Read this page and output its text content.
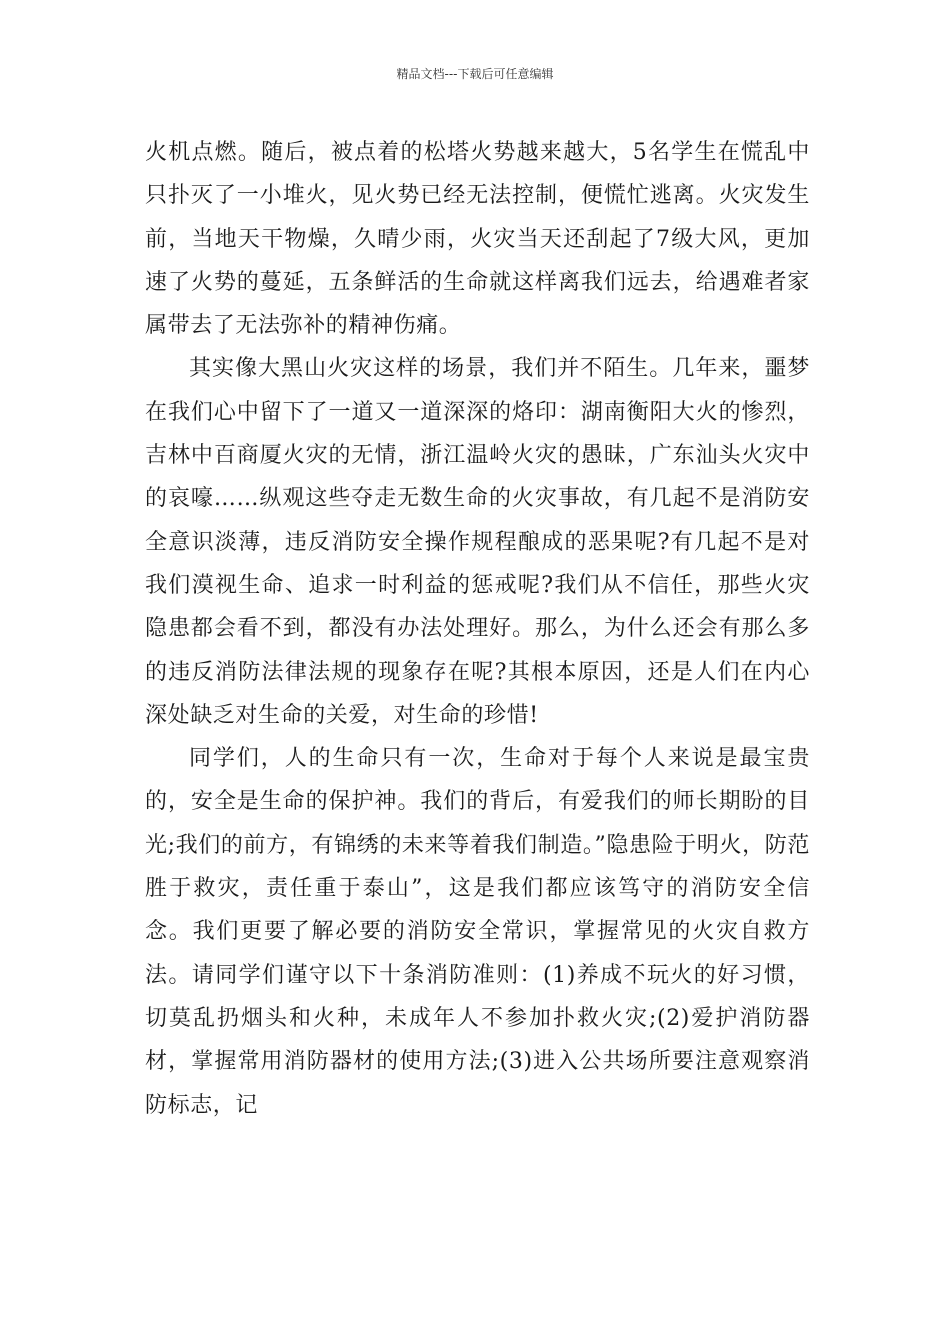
精品文档---下载后可任意编辑

火机点燃。随后，被点着的松塔火势越来越大，5名学生在慌乱中只扑灭了一小堆火，见火势已经无法控制，便慌忙逃离。火灾发生前，当地天干物燥，久晴少雨，火灾当天还刮起了7级大风，更加速了火势的蔓延，五条鲜活的生命就这样离我们远去，给遇难者家属带去了无法弥补的精神伤痛。

其实像大黑山火灾这样的场景，我们并不陌生。几年来，噩梦在我们心中留下了一道又一道深深的烙印：湖南衡阳大火的惨烈，吉林中百商厦火灾的无情，浙江温岭火灾的愚昧，广东汕头火灾中的哀嚎……纵观这些夺走无数生命的火灾事故，有几起不是消防安全意识淡薄，违反消防安全操作规程酿成的恶果呢?有几起不是对我们漠视生命、追求一时利益的惩戒呢?我们从不信任，那些火灾隐患都会看不到，都没有办法处理好。那么，为什么还会有那么多的违反消防法律法规的现象存在呢?其根本原因，还是人们在内心深处缺乏对生命的关爱，对生命的珍惜!

同学们，人的生命只有一次，生命对于每个人来说是最宝贵的，安全是生命的保护神。我们的背后，有爱我们的师长期盼的目光;我们的前方，有锦绣的未来等着我们制造。”隐患险于明火，防范胜于救灾，责任重于泰山”，这是我们都应该笃守的消防安全信念。我们更要了解必要的消防安全常识，掌握常见的火灾自救方法。请同学们谨守以下十条消防准则：(1)养成不玩火的好习惯，切莫乱扔烟头和火种，未成年人不参加扑救火灾;(2)爱护消防器材，掌握常用消防器材的使用方法;(3)进入公共场所要注意观察消防标志，记
